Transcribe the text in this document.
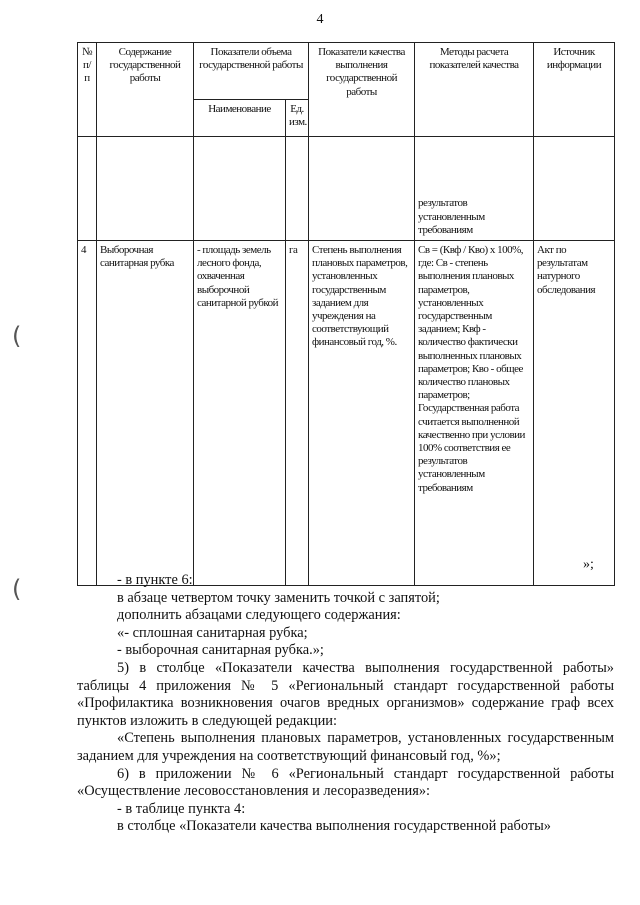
4
№ п/п	Содержание государственной работы	Показатели объема государственной работы		Показатели качества выполнения государственной работы	Методы расчета показателей качества	Источник информации
		Наименование	Ед. изм.			

					результатов установленным требованиям	

4	Выборочная санитарная рубка	- площадь земель лесного фонда, охваченная выборочной санитарной рубкой	га	Степень выполнения плановых параметров, установленных государственным заданием для учреждения на соответствующий финансовый год, %.	Св = (Квф / Кво) x 100%, где: Св - степень выполнения плановых параметров, установленных государственным заданием; Квф - количество фактически выполненных плановых параметров; Кво - общее количество плановых параметров; Государственная работа считается выполненной качественно при условии 100% соответствия ее результатов установленным требованиям	Акт по результатам натурного обследования
(
(
»;

- в пункте 6:

в абзаце четвертом точку заменить точкой с запятой;

дополнить абзацами следующего содержания:

«- сплошная санитарная рубка;

- выборочная санитарная рубка.»;

5) в столбце «Показатели качества выполнения государственной работы» таблицы 4 приложения № 5 «Региональный стандарт государственной работы «Профилактика возникновения очагов вредных организмов» содержание граф всех пунктов изложить в следующей редакции:

«Степень выполнения плановых параметров, установленных государственным заданием для учреждения на соответствующий финансовый год, %»;

6) в приложении № 6 «Региональный стандарт государственной работы «Осуществление лесовосстановления и лесоразведения»:

- в таблице пункта 4:

в столбце «Показатели качества выполнения государственной работы»
